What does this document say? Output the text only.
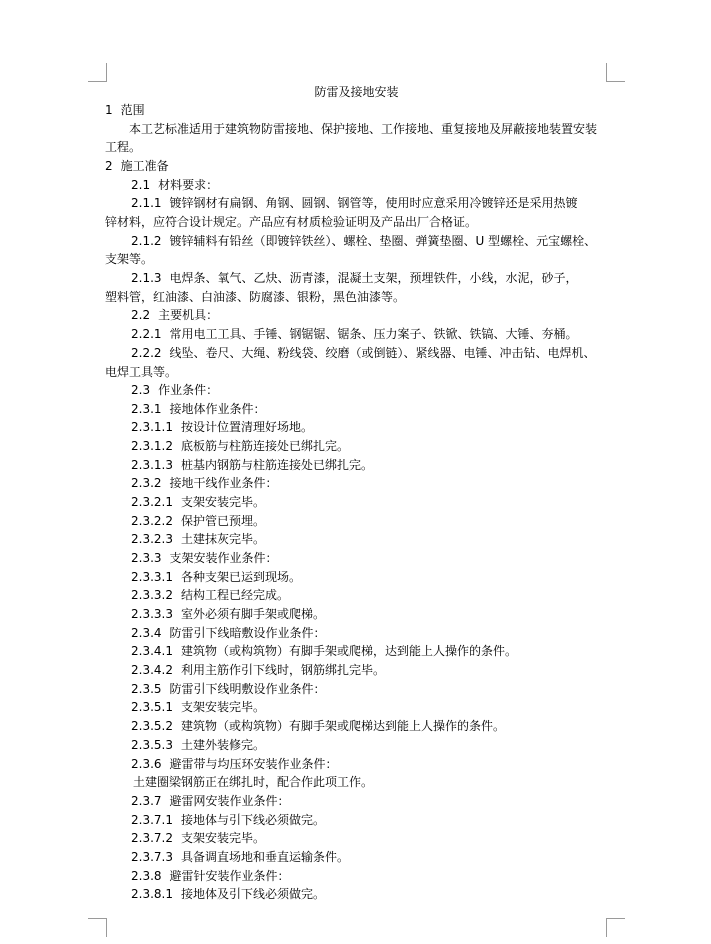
防雷及接地安装
1 范围
本工艺标准适用于建筑物防雷接地、保护接地、工作接地、重复接地及屏蔽接地装置安装工程。
2 施工准备
2.1 材料要求：
2.1.1 镀锌钢材有扁钢、角钢、圆钢、钢管等，使用时应意采用冷镀锌还是采用热镀
锌材料，应符合设计规定。产品应有材质检验证明及产品出厂合格证。
2.1.2 镀锌辅料有铅丝（即镀锌铁丝）、螺栓、垫圈、弹簧垫圈、U 型螺栓、元宝螺栓、
支架等。
2.1.3 电焊条、氧气、乙炔、沥青漆，混凝土支架，预埋铁件，小线，水泥，砂子，
塑料管，红油漆、白油漆、防腐漆、银粉，黑色油漆等。
2.2 主要机具：
2.2.1 常用电工工具、手锤、钢锯锯、锯条、压力案子、铁锨、铁镐、大锤、夯桶。
2.2.2 线坠、卷尺、大绳、粉线袋、绞磨（或倒链）、紧线器、电锤、冲击钻、电焊机、
电焊工具等。
2.3 作业条件：
2.3.1 接地体作业条件：
2.3.1.1 按设计位置清理好场地。
2.3.1.2 底板筋与柱筋连接处已绑扎完。
2.3.1.3 桩基内钢筋与柱筋连接处已绑扎完。
2.3.2 接地干线作业条件：
2.3.2.1 支架安装完毕。
2.3.2.2 保护管已预埋。
2.3.2.3 土建抹灰完毕。
2.3.3 支架安装作业条件：
2.3.3.1 各种支架已运到现场。
2.3.3.2 结构工程已经完成。
2.3.3.3 室外必须有脚手架或爬梯。
2.3.4 防雷引下线暗敷设作业条件：
2.3.4.1 建筑物（或构筑物）有脚手架或爬梯，达到能上人操作的条件。
2.3.4.2 利用主筋作引下线时，钢筋绑扎完毕。
2.3.5 防雷引下线明敷设作业条件：
2.3.5.1 支架安装完毕。
2.3.5.2 建筑物（或构筑物）有脚手架或爬梯达到能上人操作的条件。
2.3.5.3 土建外装修完。
2.3.6 避雷带与均压环安装作业条件：
土建圈梁钢筋正在绑扎时，配合作此项工作。
2.3.7 避雷网安装作业条件：
2.3.7.1 接地体与引下线必须做完。
2.3.7.2 支架安装完毕。
2.3.7.3 具备调直场地和垂直运输条件。
2.3.8 避雷针安装作业条件：
2.3.8.1 接地体及引下线必须做完。
